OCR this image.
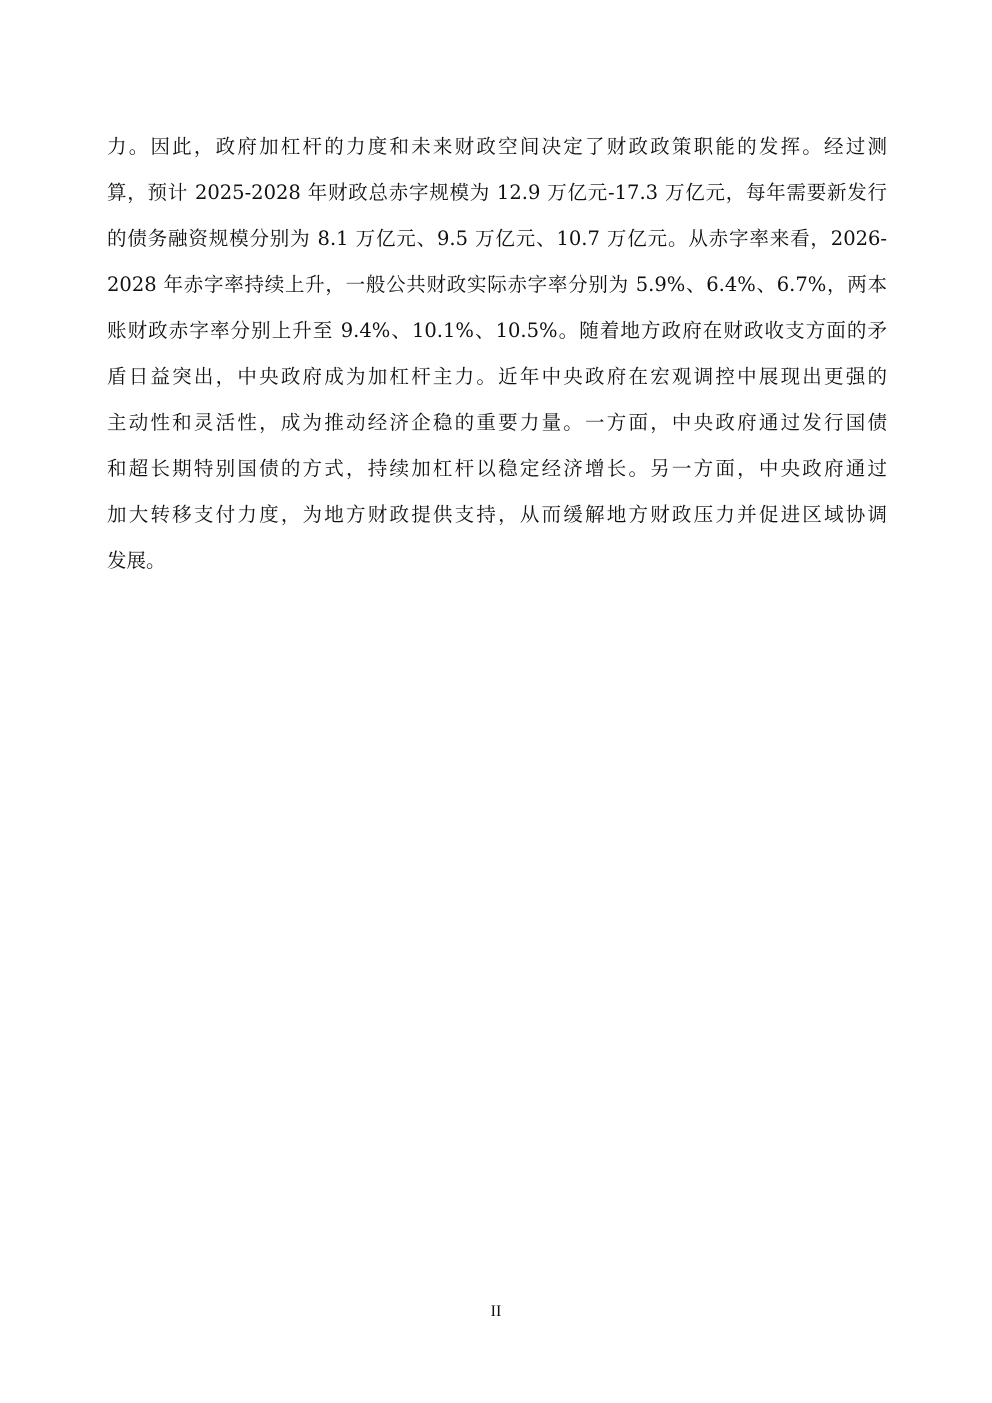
力。因此，政府加杠杆的力度和未来财政空间决定了财政政策职能的发挥。经过测
算，预计 2025-2028 年财政总赤字规模为 12.9 万亿元-17.3 万亿元，每年需要新发行
的债务融资规模分别为 8.1 万亿元、9.5 万亿元、10.7 万亿元。从赤字率来看，2026-
2028 年赤字率持续上升，一般公共财政实际赤字率分别为 5.9%、6.4%、6.7%，两本
账财政赤字率分别上升至 9.4%、10.1%、10.5%。随着地方政府在财政收支方面的矛
盾日益突出，中央政府成为加杠杆主力。近年中央政府在宏观调控中展现出更强的
主动性和灵活性，成为推动经济企稳的重要力量。一方面，中央政府通过发行国债
和超长期特别国债的方式，持续加杠杆以稳定经济增长。另一方面，中央政府通过
加大转移支付力度，为地方财政提供支持，从而缓解地方财政压力并促进区域协调
发展。
II
